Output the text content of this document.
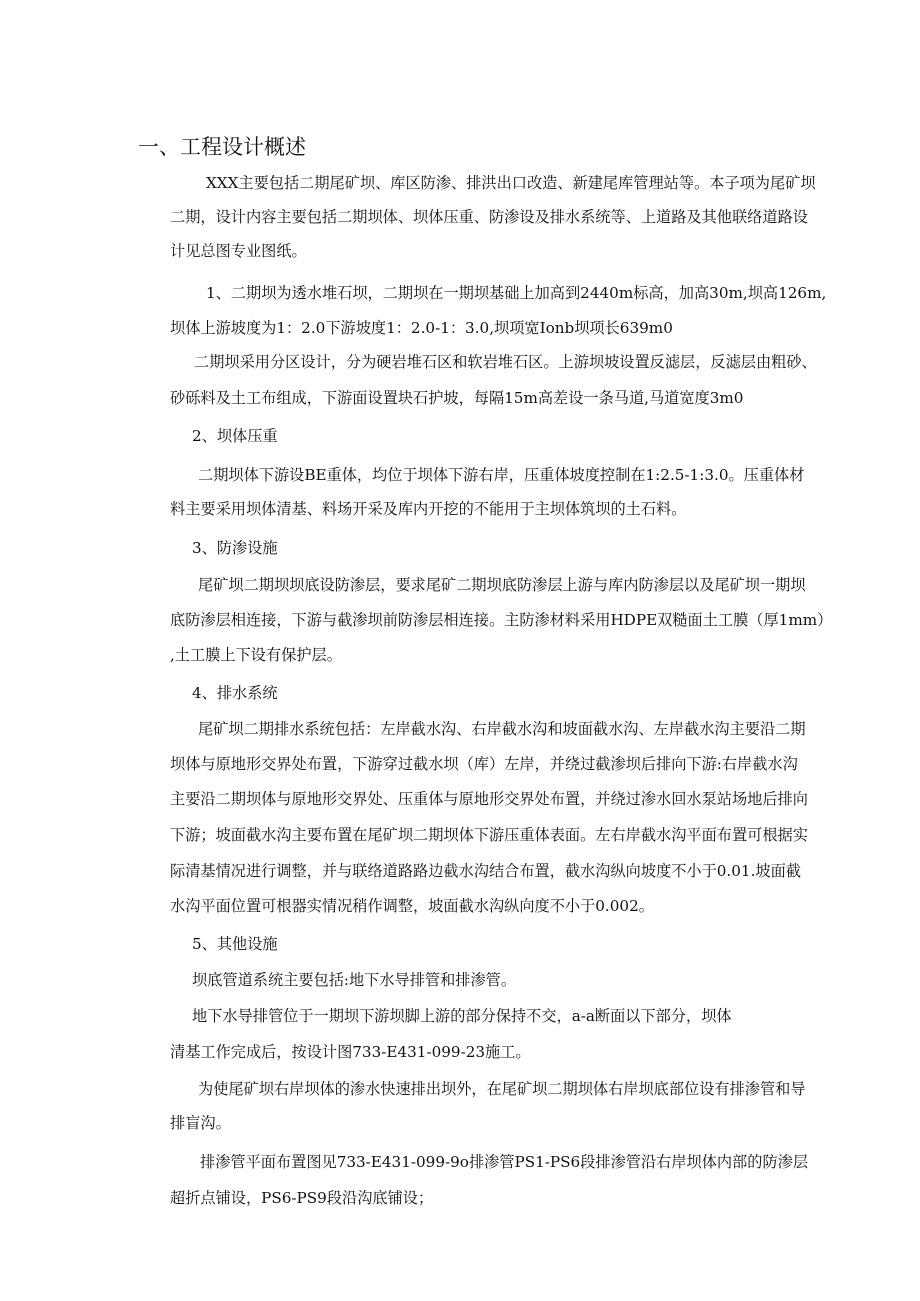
一、工程设计概述
XXX主要包括二期尾矿坝、库区防渗、排洪出口改造、新建尾库管理站等。本子项为尾矿坝
二期，设计内容主要包括二期坝体、坝体压重、防渗设及排水系统等、上道路及其他联络道路设
计见总图专业图纸。
1、二期坝为透水堆石坝，二期坝在一期坝基础上加高到2440m标高，加高30m,坝高126m,
坝体上游坡度为1：2.0下游坡度1：2.0-1：3.0,坝项宽Ionb坝项长639m0
二期坝采用分区设计，分为硬岩堆石区和软岩堆石区。上游坝坡设置反滤层，反滤层由粗砂、
砂砾料及土工布组成，下游面设置块石护坡，每隔15m高差设一条马道,马道宽度3m0
2、坝体压重
二期坝体下游设BE重体，均位于坝体下游右岸，压重体坡度控制在1:2.5-1:3.0。压重体材
料主要采用坝体清基、料场开采及库内开挖的不能用于主坝体筑坝的土石料。
3、防渗设施
尾矿坝二期坝坝底设防渗层，要求尾矿二期坝底防渗层上游与库内防渗层以及尾矿坝一期坝
底防渗层相连接，下游与截渗坝前防渗层相连接。主防渗材料采用HDPE双糙面土工膜（厚1mm）
,土工膜上下设有保护层。
4、排水系统
尾矿坝二期排水系统包括：左岸截水沟、右岸截水沟和坡面截水沟、左岸截水沟主要沿二期
坝体与原地形交界处布置，下游穿过截水坝（库）左岸，并绕过截渗坝后排向下游:右岸截水沟
主要沿二期坝体与原地形交界处、压重体与原地形交界处布置，并绕过渗水回水泵站场地后排向
下游；坡面截水沟主要布置在尾矿坝二期坝体下游压重体表面。左右岸截水沟平面布置可根据实
际清基情况进行调整，并与联络道路路边截水沟结合布置，截水沟纵向坡度不小于0.01.坡面截
水沟平面位置可根器实情况稍作调整，坡面截水沟纵向度不小于0.002。
5、其他设施
坝底管道系统主要包括:地下水导排管和排渗管。
地下水导排管位于一期坝下游坝脚上游的部分保持不交，a-a断面以下部分，坝体
清基工作完成后，按设计图733-E431-099-23施工。
为使尾矿坝右岸坝体的渗水快速排出坝外，在尾矿坝二期坝体右岸坝底部位设有排渗管和导
排盲沟。
排渗管平面布置图见733-E431-099-9o排渗管PS1-PS6段排渗管沿右岸坝体内部的防渗层
超折点铺设，PS6-PS9段沿沟底铺设；
